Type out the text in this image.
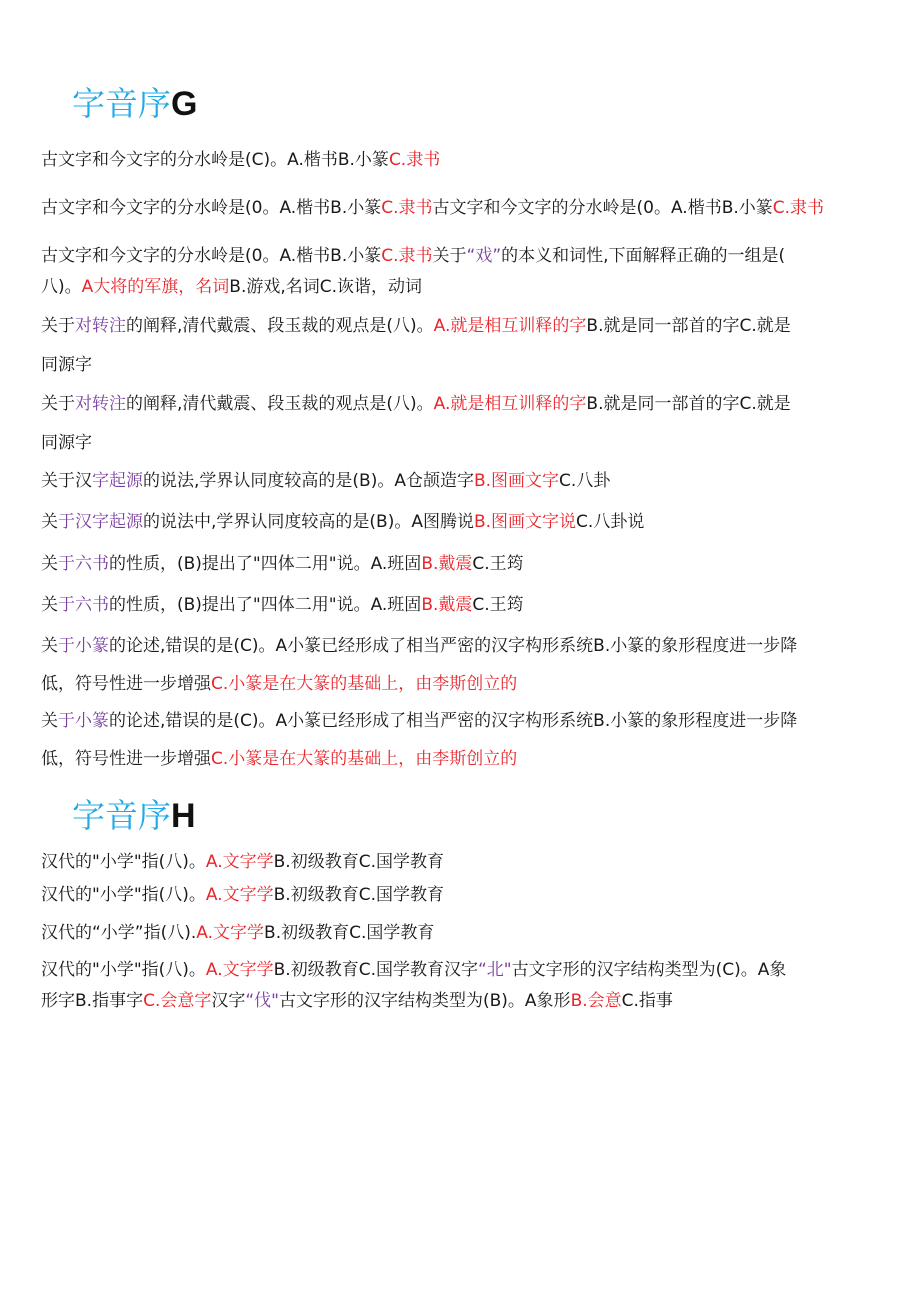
字音序G
古文字和今文字的分水岭是(C)。A.楷书B.小篆C.隶书
古文字和今文字的分水岭是(0。A.楷书B.小篆C.隶书古文字和今文字的分水岭是(0。A.楷书B.小篆C.隶书
古文字和今文字的分水岭是(0。A.楷书B.小篆C.隶书关于“戏”的本义和词性,下面解释正确的一组是(
八)。A大将的军旗，名词B.游戏,名词C.诙谐，动词
关于对转注的阐释,清代戴震、段玉裁的观点是(八)。A.就是相互训释的字B.就是同一部首的字C.就是
同源字
关于对转注的阐释,清代戴震、段玉裁的观点是(八)。A.就是相互训释的字B.就是同一部首的字C.就是
同源字
关于汉字起源的说法,学界认同度较高的是(B)。A仓颉造字B.图画文字C.八卦
关于汉字起源的说法中,学界认同度较高的是(B)。A图腾说B.图画文字说C.八卦说
关于六书的性质，(B)提出了"四体二用"说。A.班固B.戴震C.王筠
关于六书的性质，(B)提出了"四体二用"说。A.班固B.戴震C.王筠
关于小篆的论述,错误的是(C)。A小篆已经形成了相当严密的汉字构形系统B.小篆的象形程度进一步降
低，符号性进一步增强C.小篆是在大篆的基础上，由李斯创立的
关于小篆的论述,错误的是(C)。A小篆已经形成了相当严密的汉字构形系统B.小篆的象形程度进一步降
低，符号性进一步增强C.小篆是在大篆的基础上，由李斯创立的
字音序H
汉代的"小学"指(八)。A.文字学B.初级教育C.国学教育
汉代的"小学"指(八)。A.文字学B.初级教育C.国学教育
汉代的“小学”指(八).A.文字学B.初级教育C.国学教育
汉代的"小学"指(八)。A.文字学B.初级教育C.国学教育汉字“北"古文字形的汉字结构类型为(C)。A象
形字B.指事字C.会意字汉字“伐"古文字形的汉字结构类型为(B)。A象形B.会意C.指事
